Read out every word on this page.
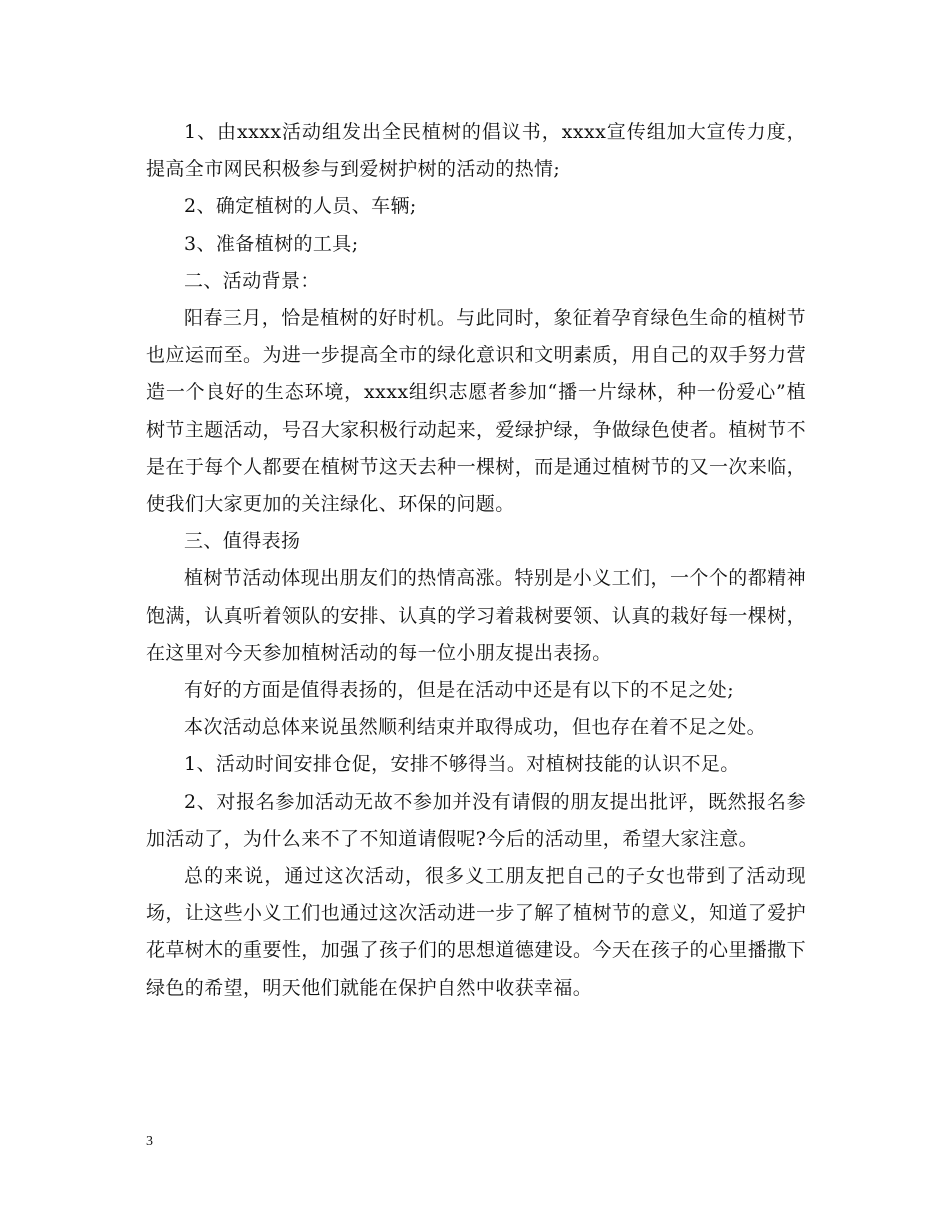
1、由xxxx活动组发出全民植树的倡议书，xxxx宣传组加大宣传力度，提高全市网民积极参与到爱树护树的活动的热情;

2、确定植树的人员、车辆;

3、准备植树的工具;

二、活动背景：

阳春三月，恰是植树的好时机。与此同时，象征着孕育绿色生命的植树节也应运而至。为进一步提高全市的绿化意识和文明素质，用自己的双手努力营造一个良好的生态环境，xxxx组织志愿者参加“播一片绿林，种一份爱心”植树节主题活动，号召大家积极行动起来，爱绿护绿，争做绿色使者。植树节不是在于每个人都要在植树节这天去种一棵树，而是通过植树节的又一次来临，使我们大家更加的关注绿化、环保的问题。

三、值得表扬

植树节活动体现出朋友们的热情高涨。特别是小义工们，一个个的都精神饱满，认真听着领队的安排、认真的学习着栽树要领、认真的栽好每一棵树，在这里对今天参加植树活动的每一位小朋友提出表扬。

有好的方面是值得表扬的，但是在活动中还是有以下的不足之处;

本次活动总体来说虽然顺利结束并取得成功，但也存在着不足之处。

1、活动时间安排仓促，安排不够得当。对植树技能的认识不足。

2、对报名参加活动无故不参加并没有请假的朋友提出批评，既然报名参加活动了，为什么来不了不知道请假呢?今后的活动里，希望大家注意。

总的来说，通过这次活动，很多义工朋友把自己的子女也带到了活动现场，让这些小义工们也通过这次活动进一步了解了植树节的意义，知道了爱护花草树木的重要性，加强了孩子们的思想道德建设。今天在孩子的心里播撒下绿色的希望，明天他们就能在保护自然中收获幸福。

3
